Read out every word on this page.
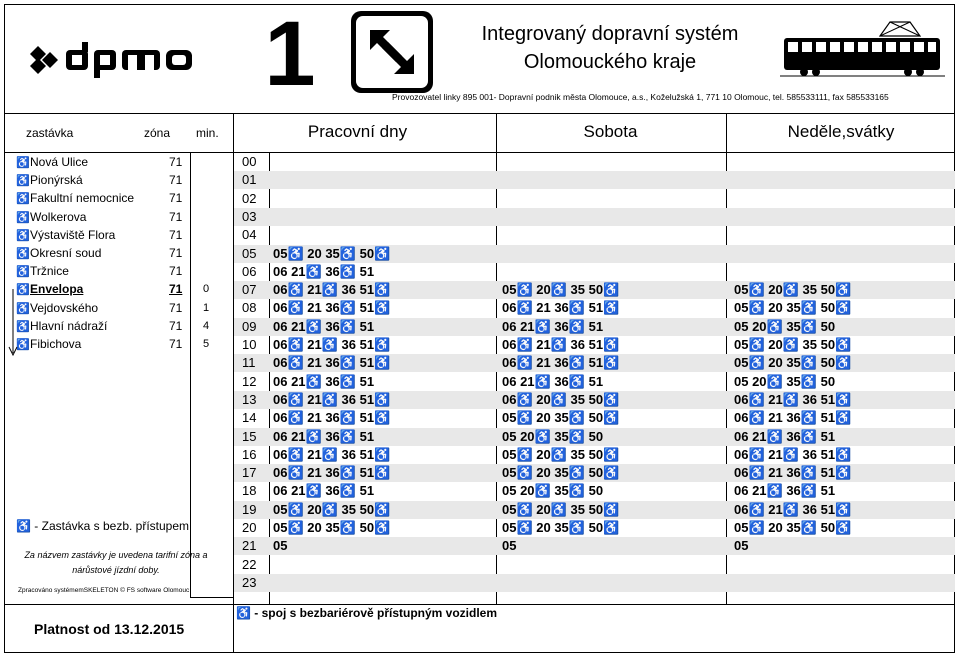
1	Integrovaný dopravní systém
Olomouckého kraje
Provozovatel linky 895 001- Dopravní podnik města Olomouce, a.s., Koželužská 1, 771 10 Olomouc, tel. 585533111, fax 585533165
zastávka	zóna min.	Pracovní dny	Sobota	Neděle,svátky
♿ Nová Ulice	71
♿ Pionýrská	71
♿ Fakultní nemocnice	71
♿ Wolkerova	71
♿ Výstaviště Flora	71
♿ Okresní soud	71
♿ Tržnice	71
♿ Envelopa	71 0
♿ Vejdovského	71 1
♿ Hlavní nádraží	71 4
♿ Fibichova	71 5
00
01
02
03
04
05 05♿ 20 35♿ 50♿
06 06 21♿ 36♿ 51
07 06♿ 21♿ 36 51♿	05♿ 20♿ 35 50♿	05♿ 20♿ 35 50♿
08 06♿ 21 36♿ 51♿	06♿ 21 36♿ 51♿	05♿ 20 35♿ 50♿
09 06 21♿ 36♿ 51	06 21♿ 36♿ 51	05 20♿ 35♿ 50
10 06♿ 21♿ 36 51♿	06♿ 21♿ 36 51♿	05♿ 20♿ 35 50♿
11 06♿ 21 36♿ 51♿	06♿ 21 36♿ 51♿	05♿ 20 35♿ 50♿
12 06 21♿ 36♿ 51	06 21♿ 36♿ 51	05 20♿ 35♿ 50
13 06♿ 21♿ 36 51♿	06♿ 20♿ 35 50♿	06♿ 21♿ 36 51♿
14 06♿ 21 36♿ 51♿	05♿ 20 35♿ 50♿	06♿ 21 36♿ 51♿
15 06 21♿ 36♿ 51	05 20♿ 35♿ 50	06 21♿ 36♿ 51
16 06♿ 21♿ 36 51♿	05♿ 20♿ 35 50♿	06♿ 21♿ 36 51♿
17 06♿ 21 36♿ 51♿	05♿ 20 35♿ 50♿	06♿ 21 36♿ 51♿
18 06 21♿ 36♿ 51	05 20♿ 35♿ 50	06 21♿ 36♿ 51
19 05♿ 20♿ 35 50♿	05♿ 20♿ 35 50♿	06♿ 21♿ 36 51♿
20 05♿ 20 35♿ 50♿	05♿ 20 35♿ 50♿	05♿ 20 35♿ 50♿
21 05	05	05
22
23
♿ - Zastávka s bezb. přístupem
Za názvem zastávky je uvedena tarifní zóna a nárůstové jízdní doby.
Zpracováno systémemSKELETON © FS software Olomouc
Platnost od 13.12.2015
♿ - spoj s bezbariérově přístupným vozidlem
